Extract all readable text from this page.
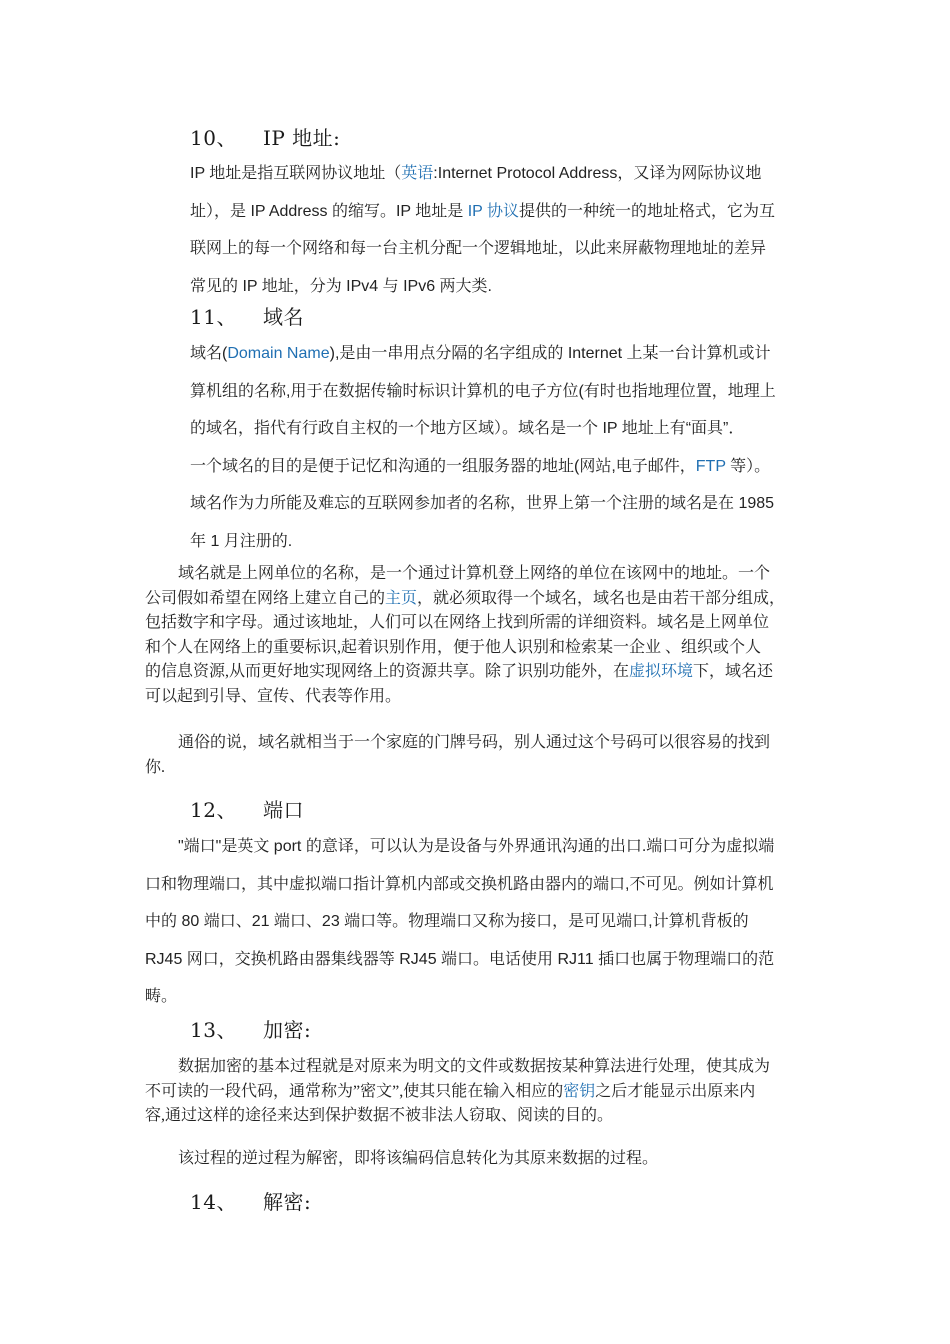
10、 IP 地址:
IP 地址是指互联网协议地址（英语:Internet Protocol Address，又译为网际协议地
址），是 IP Address 的缩写。IP 地址是 IP 协议提供的一种统一的地址格式，它为互
联网上的每一个网络和每一台主机分配一个逻辑地址，以此来屏蔽物理地址的差异
常见的 IP 地址，分为 IPv4 与 IPv6 两大类.
11、 域名
域名(Domain Name),是由一串用点分隔的名字组成的 Internet 上某一台计算机或计
算机组的名称,用于在数据传输时标识计算机的电子方位(有时也指地理位置，地理上
的域名，指代有行政自主权的一个地方区域）。域名是一个 IP 地址上有“面具”．
一个域名的目的是便于记忆和沟通的一组服务器的地址(网站,电子邮件，FTP 等）。
域名作为力所能及难忘的互联网参加者的名称，世界上第一个注册的域名是在 1985
年 1 月注册的.
域名就是上网单位的名称，是一个通过计算机登上网络的单位在该网中的地址。一个
公司假如希望在网络上建立自己的主页，就必须取得一个域名，域名也是由若干部分组成，
包括数字和字母。通过该地址，人们可以在网络上找到所需的详细资料。域名是上网单位
和个人在网络上的重要标识,起着识别作用，便于他人识别和检索某一企业 、组织或个人
的信息资源,从而更好地实现网络上的资源共享。除了识别功能外，在虚拟环境下，域名还
可以起到引导、宣传、代表等作用。
通俗的说，域名就相当于一个家庭的门牌号码，别人通过这个号码可以很容易的找到
你.
12、 端口
"端口"是英文 port 的意译，可以认为是设备与外界通讯沟通的出口.端口可分为虚拟端
口和物理端口，其中虚拟端口指计算机内部或交换机路由器内的端口,不可见。例如计算机
中的 80 端口、21 端口、23 端口等。物理端口又称为接口，是可见端口,计算机背板的
RJ45 网口，交换机路由器集线器等 RJ45 端口。电话使用 RJ11 插口也属于物理端口的范
畴。
13、 加密:
数据加密的基本过程就是对原来为明文的文件或数据按某种算法进行处理，使其成为
不可读的一段代码，通常称为”密文”,使其只能在输入相应的密钥之后才能显示出原来内
容,通过这样的途径来达到保护数据不被非法人窃取、阅读的目的。
该过程的逆过程为解密，即将该编码信息转化为其原来数据的过程。
14、 解密:
